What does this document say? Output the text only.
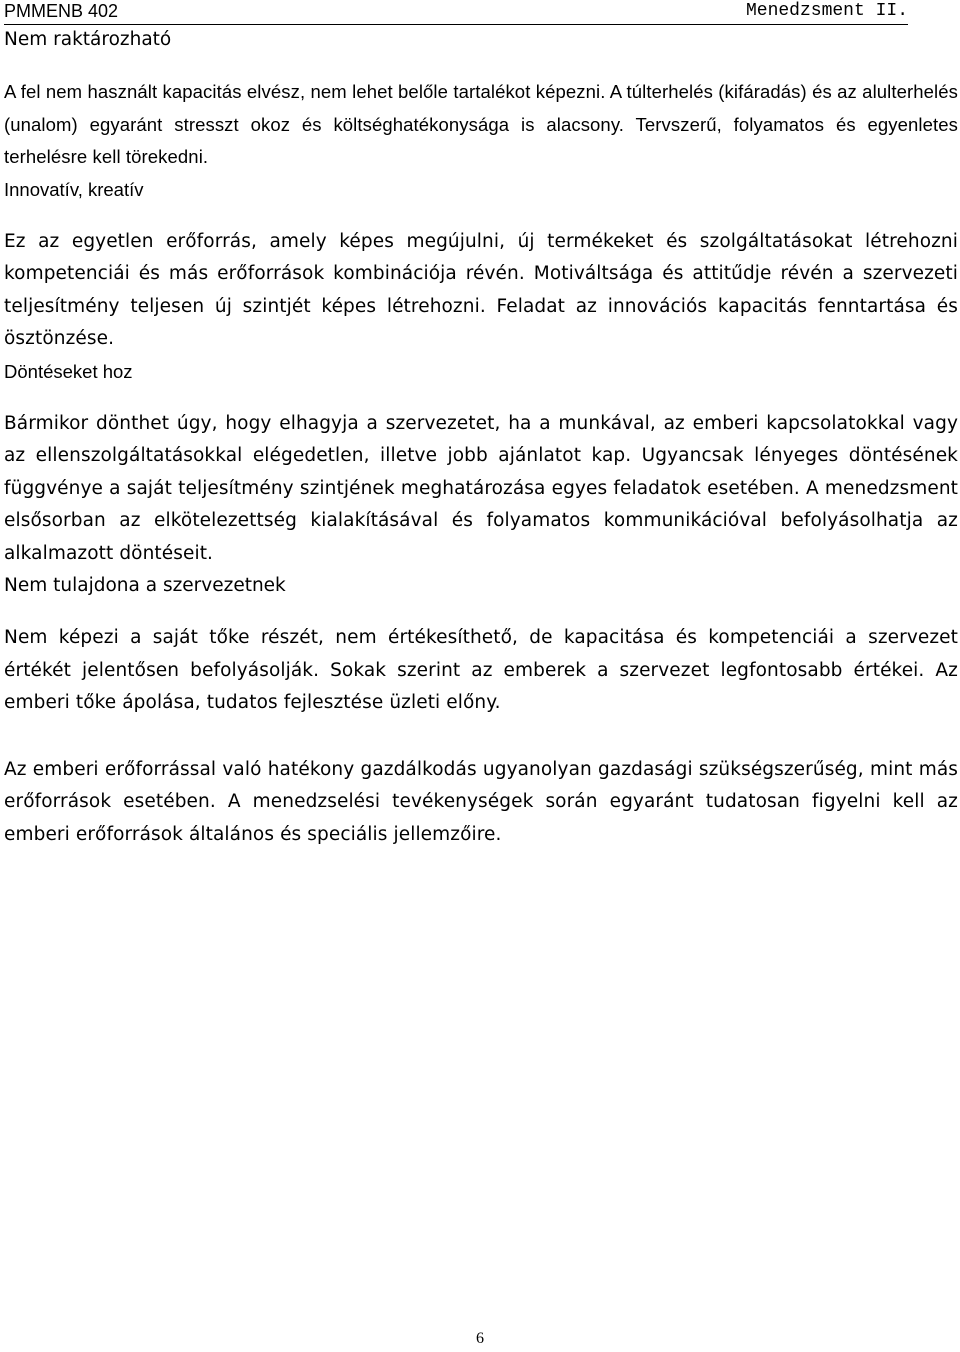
PMMENB 402	Menedzsment II.

Nem raktározható

A fel nem használt kapacitás elvész, nem lehet belőle tartalékot képezni. A túlterhelés (kifáradás) és az alulterhelés (unalom) egyaránt stresszt okoz és költséghatékonysága is alacsony. Tervszerű, folyamatos és egyenletes terhelésre kell törekedni.

Innovatív, kreatív

Ez az egyetlen erőforrás, amely képes megújulni, új termékeket és szolgáltatásokat létrehozni kompetenciái és más erőforrások kombinációja révén. Motiváltsága és attitűdje révén a szervezeti teljesítmény teljesen új szintjét képes létrehozni. Feladat az innovációs kapacitás fenntartása és ösztönzése.

Döntéseket hoz

Bármikor dönthet úgy, hogy elhagyja a szervezetet, ha a munkával, az emberi kapcsolatokkal vagy az ellenszolgáltatásokkal elégedetlen, illetve jobb ajánlatot kap. Ugyancsak lényeges döntésének függvénye a saját teljesítmény szintjének meghatározása egyes feladatok esetében. A menedzsment elsősorban az elkötelezettség kialakításával és folyamatos kommunikációval befolyásolhatja az alkalmazott döntéseit.

Nem tulajdona a szervezetnek

Nem képezi a saját tőke részét, nem értékesíthető, de kapacitása és kompetenciái a szervezet értékét jelentősen befolyásolják. Sokak szerint az emberek a szervezet legfontosabb értékei. Az emberi tőke ápolása, tudatos fejlesztése üzleti előny.

Az emberi erőforrással való hatékony gazdálkodás ugyanolyan gazdasági szükségszerűség, mint más erőforrások esetében. A menedzselési tevékenységek során egyaránt tudatosan figyelni kell az emberi erőforrások általános és speciális jellemzőire.

6
